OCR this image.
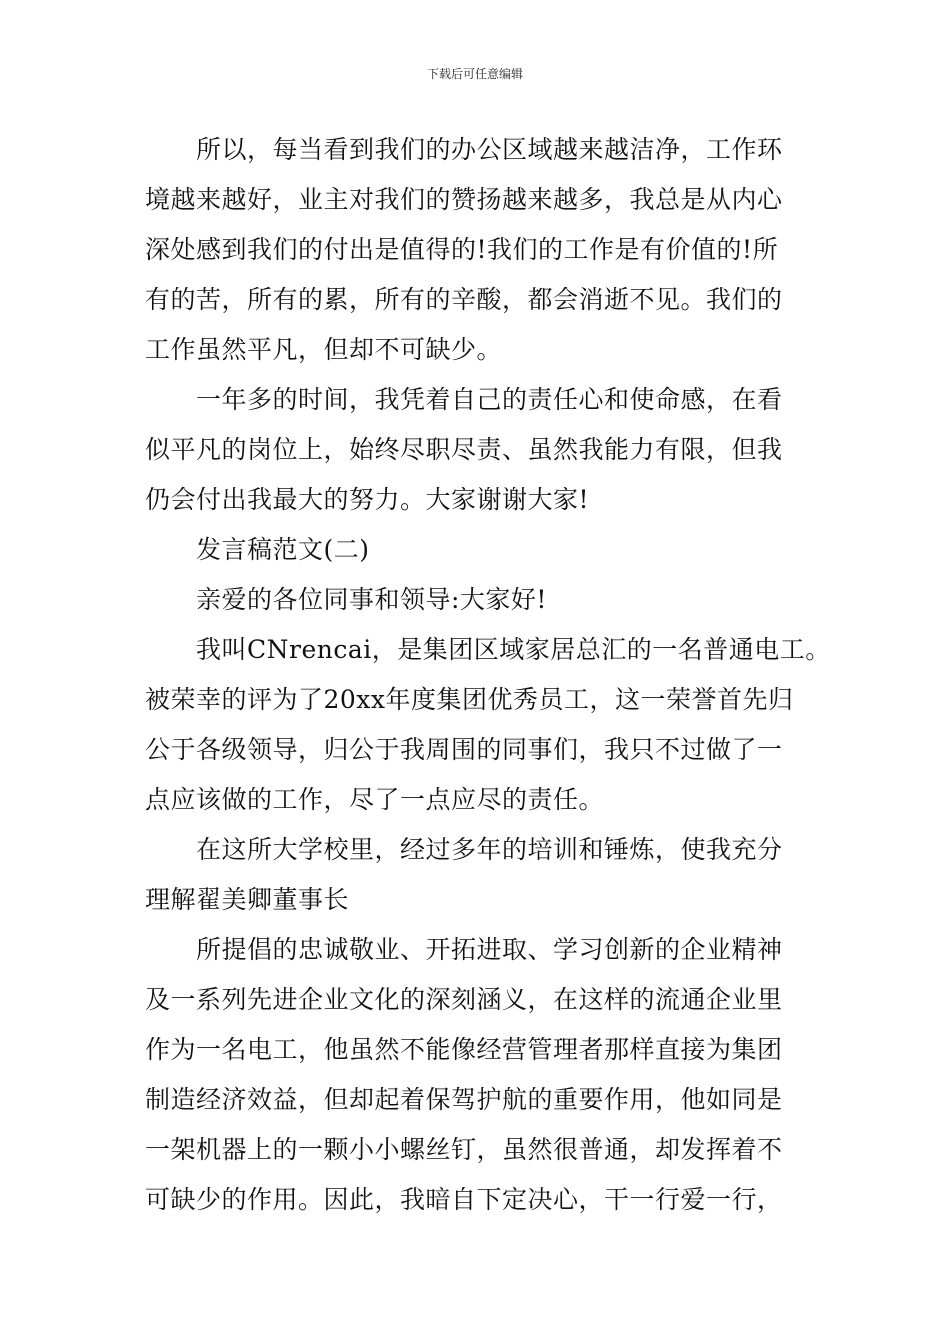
下载后可任意编辑
所以，每当看到我们的办公区域越来越洁净，工作环
境越来越好，业主对我们的赞扬越来越多，我总是从内心
深处感到我们的付出是值得的!我们的工作是有价值的!所
有的苦，所有的累，所有的辛酸，都会消逝不见。我们的
工作虽然平凡，但却不可缺少。
一年多的时间，我凭着自己的责任心和使命感，在看
似平凡的岗位上，始终尽职尽责、虽然我能力有限，但我
仍会付出我最大的努力。大家谢谢大家!
发言稿范文(二)
亲爱的各位同事和领导:大家好!
我叫CNrencai，是集团区域家居总汇的一名普通电工。
被荣幸的评为了20xx年度集团优秀员工，这一荣誉首先归
公于各级领导，归公于我周围的同事们，我只不过做了一
点应该做的工作，尽了一点应尽的责任。
在这所大学校里，经过多年的培训和锤炼，使我充分
理解翟美卿董事长
所提倡的忠诚敬业、开拓进取、学习创新的企业精神
及一系列先进企业文化的深刻涵义，在这样的流通企业里
作为一名电工，他虽然不能像经营管理者那样直接为集团
制造经济效益，但却起着保驾护航的重要作用，他如同是
一架机器上的一颗小小螺丝钉，虽然很普通，却发挥着不
可缺少的作用。因此，我暗自下定决心，干一行爱一行，
